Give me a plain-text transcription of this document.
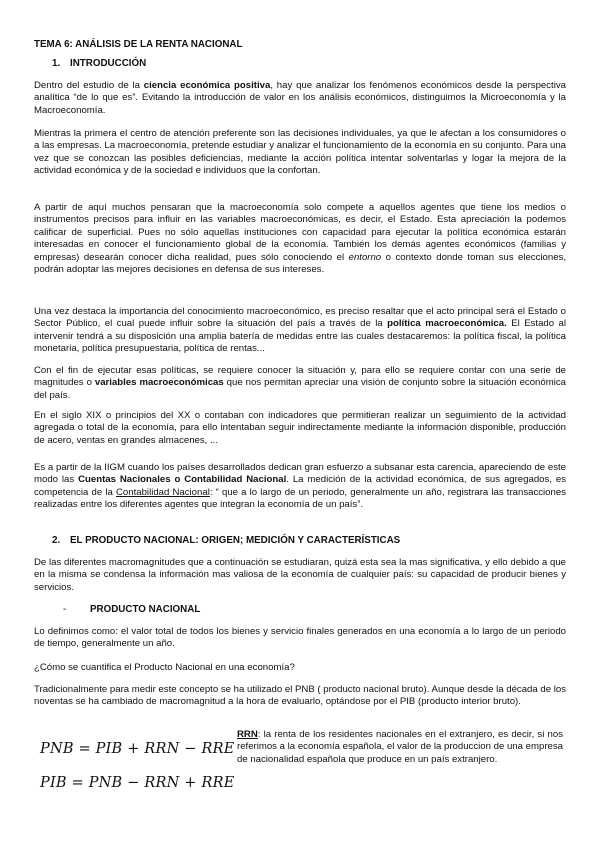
TEMA 6: ANÁLISIS DE LA RENTA NACIONAL

1. INTRODUCCIÓN

Dentro del estudio de la ciencia económica positiva, hay que analizar los fenómenos económicos desde la perspectiva analítica “de lo que es”. Evitando la introducción de valor en los análisis económicos, distinguimos la Microeconomía y la Macroeconomía.

Mientras la primera el centro de atención preferente son las decisiones individuales, ya que le afectan a los consumidores o a las empresas. La macroeconomía, pretende estudiar y analizar el funcionamiento de la economía en su conjunto. Para una vez que se conozcan las posibles deficiencias, mediante la acción política intentar solventarlas y logar la mejora de la actividad económica y de la sociedad e individuos que la confortan.

A partir de aquí muchos pensaran que la macroeconomía solo compete a aquellos agentes que tiene los medios o instrumentos precisos para influir en las variables macroeconómicas, es decir, el Estado. Esta apreciación la podemos calificar de superficial. Pues no sólo aquellas instituciones con capacidad para ejecutar la política económica estarán interesadas en conocer el funcionamiento global de la economía. También los demás agentes económicos (familias y empresas) desearán conocer dicha realidad, pues sólo conociendo el entorno o contexto donde toman sus elecciones, podrán adoptar las mejores decisiones en defensa de sus intereses.

Una vez destaca la importancia del conocimiento macroeconómico, es preciso resaltar que el acto principal será el Estado o Sector Público, el cual puede influir sobre la situación del país a través de la política macroeconómica. El Estado al intervenir tendrá a su disposición una amplia batería de medidas entre las cuales destacaremos: la política fiscal, la política monetaria, política presupuestaria, política de rentas...

Con el fin de ejecutar esas políticas, se requiere conocer la situación y, para ello se requiere contar con una serie de magnitudes o variables macroeconómicas que nos permitan apreciar una visión de conjunto sobre la situación económica del país.

En el siglo XIX o principios del XX o contaban con indicadores que permitieran realizar un seguimiento de la actividad agregada o total de la economía, para ello intentaban seguir indirectamente mediante la información disponible, producción de acero, ventas en grandes almacenes, ...

Es a partir de la IIGM cuando los países desarrollados dedican gran esfuerzo a subsanar esta carencia, apareciendo de este modo las Cuentas Nacionales o Contabilidad Nacional. La medición de la actividad económica, de sus agregados, es competencia de la Contabilidad Nacional: “ que a lo largo de un periodo, generalmente un año, registrara las transacciones realizadas entre los diferentes agentes que integran la economía de un país”.

2. EL PRODUCTO NACIONAL: ORIGEN; MEDICIÓN Y CARACTERÍSTICAS

De las diferentes macromagnitudes que a continuación se estudiaran, quizá esta sea la mas significativa, y ello debido a que en la misma se condensa la información mas valiosa de la economía de cualquier país: su capacidad de producir bienes y servicios.

- PRODUCTO NACIONAL

Lo definimos como: el valor total de todos los bienes y servicio finales generados en una economía a lo largo de un periodo de tiempo, generalmente un año.

¿Cómo se cuantifica el Producto Nacional en una economía?

Tradicionalmente para medir este concepto se ha utilizado el PNB ( producto nacional bruto). Aunque desde la década de los noventas se ha cambiado de macromagnitud a la hora de evaluarlo, optándose por el PIB (producto interior bruto).

PNB = PIB + RRN − RRE

PIB = PNB − RRN + RRE

RRN: la renta de los residentes nacionales en el extranjero, es decir, si nos referimos a la economía española, el valor de la produccion de una empresa de nacionalidad española que produce en un país extranjero.
